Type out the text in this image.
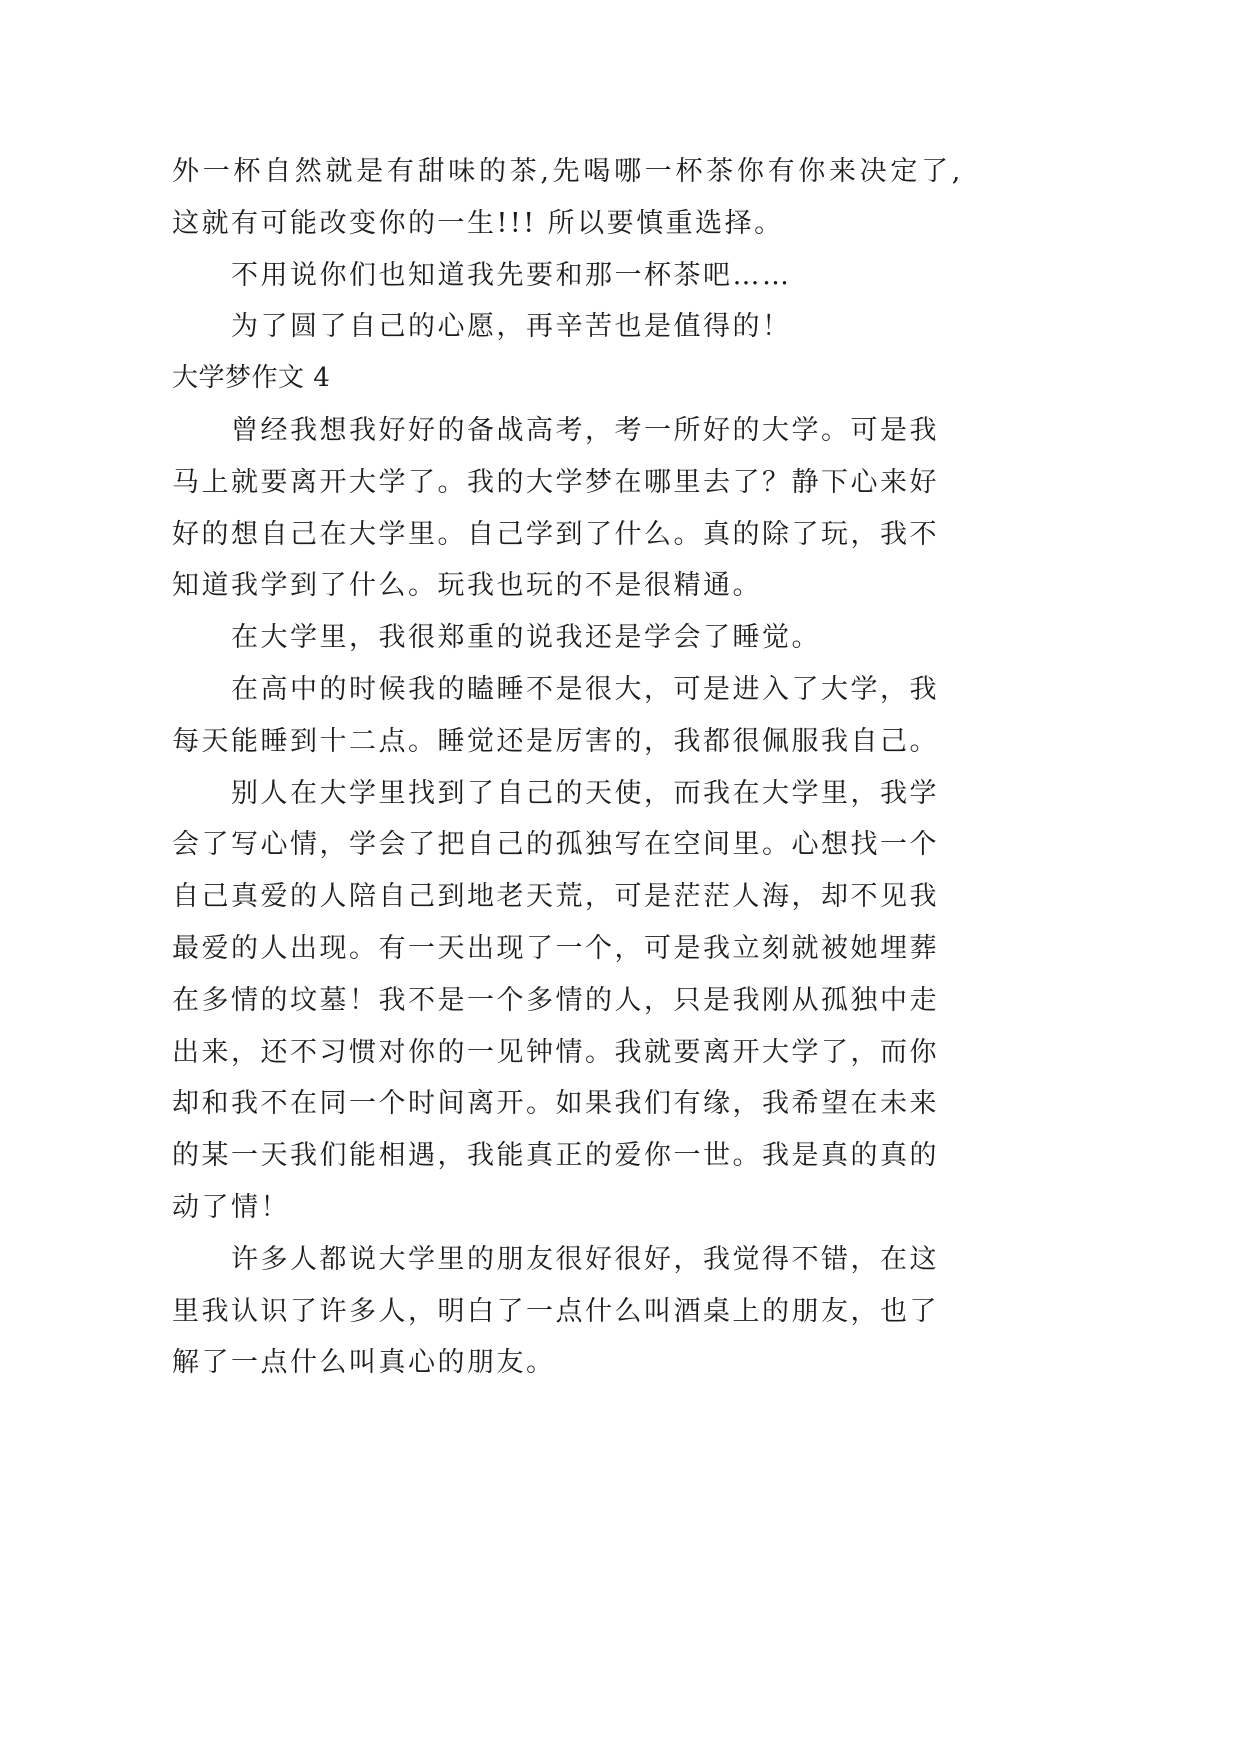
外一杯自然就是有甜味的茶,先喝哪一杯茶你有你来决定了,
这就有可能改变你的一生!!! 所以要慎重选择。
不用说你们也知道我先要和那一杯茶吧……
为了圆了自己的心愿，再辛苦也是值得的！
大学梦作文 4
曾经我想我好好的备战高考，考一所好的大学。可是我
马上就要离开大学了。我的大学梦在哪里去了？静下心来好
好的想自己在大学里。自己学到了什么。真的除了玩，我不
知道我学到了什么。玩我也玩的不是很精通。
在大学里，我很郑重的说我还是学会了睡觉。
在高中的时候我的瞌睡不是很大，可是进入了大学，我
每天能睡到十二点。睡觉还是厉害的，我都很佩服我自己。
别人在大学里找到了自己的天使，而我在大学里，我学
会了写心情，学会了把自己的孤独写在空间里。心想找一个
自己真爱的人陪自己到地老天荒，可是茫茫人海，却不见我
最爱的人出现。有一天出现了一个，可是我立刻就被她埋葬
在多情的坟墓！我不是一个多情的人，只是我刚从孤独中走
出来，还不习惯对你的一见钟情。我就要离开大学了，而你
却和我不在同一个时间离开。如果我们有缘，我希望在未来
的某一天我们能相遇，我能真正的爱你一世。我是真的真的
动了情！
许多人都说大学里的朋友很好很好，我觉得不错，在这
里我认识了许多人，明白了一点什么叫酒桌上的朋友，也了
解了一点什么叫真心的朋友。
